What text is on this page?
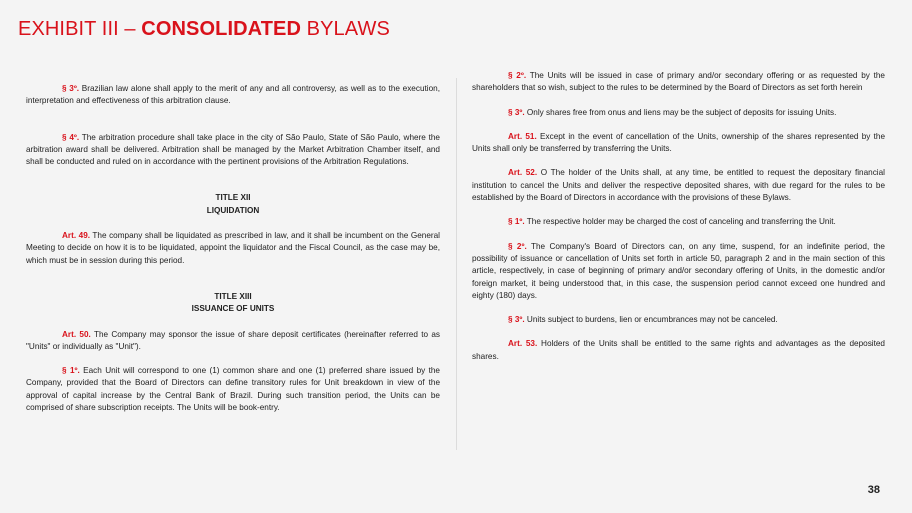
EXHIBIT III – CONSOLIDATED BYLAWS

§ 3º. Brazilian law alone shall apply to the merit of any and all controversy, as well as to the execution, interpretation and effectiveness of this arbitration clause.

§ 4º. The arbitration procedure shall take place in the city of São Paulo, State of São Paulo, where the arbitration award shall be delivered. Arbitration shall be managed by the Market Arbitration Chamber itself, and shall be conducted and ruled on in accordance with the pertinent provisions of the Arbitration Regulations.

TITLE XII
LIQUIDATION

Art. 49. The company shall be liquidated as prescribed in law, and it shall be incumbent on the General Meeting to decide on how it is to be liquidated, appoint the liquidator and the Fiscal Council, as the case may be, which must be in session during this period.

TITLE XIII
ISSUANCE OF UNITS

Art. 50. The Company may sponsor the issue of share deposit certificates (hereinafter referred to as "Units" or individually as "Unit").

§ 1º. Each Unit will correspond to one (1) common share and one (1) preferred share issued by the Company, provided that the Board of Directors can define transitory rules for Unit breakdown in view of the approval of capital increase by the Central Bank of Brazil. During such transition period, the Units can be comprised of share subscription receipts. The Units will be book-entry.

§ 2º. The Units will be issued in case of primary and/or secondary offering or as requested by the shareholders that so wish, subject to the rules to be determined by the Board of Directors as set forth herein

§ 3º. Only shares free from onus and liens may be the subject of deposits for issuing Units.

Art. 51. Except in the event of cancellation of the Units, ownership of the shares represented by the Units shall only be transferred by transferring the Units.

Art. 52. O The holder of the Units shall, at any time, be entitled to request the depositary financial institution to cancel the Units and deliver the respective deposited shares, with due regard for the rules to be established by the Board of Directors in accordance with the provisions of these Bylaws.

§ 1º. The respective holder may be charged the cost of canceling and transferring the Unit.

§ 2º. The Company's Board of Directors can, on any time, suspend, for an indefinite period, the possibility of issuance or cancellation of Units set forth in article 50, paragraph 2 and in the main section of this article, respectively, in case of beginning of primary and/or secondary offering of Units, in the domestic and/or foreign market, it being understood that, in this case, the suspension period cannot exceed one hundred and eighty (180) days.

§ 3º. Units subject to burdens, lien or encumbrances may not be canceled.

Art. 53. Holders of the Units shall be entitled to the same rights and advantages as the deposited shares.

38
